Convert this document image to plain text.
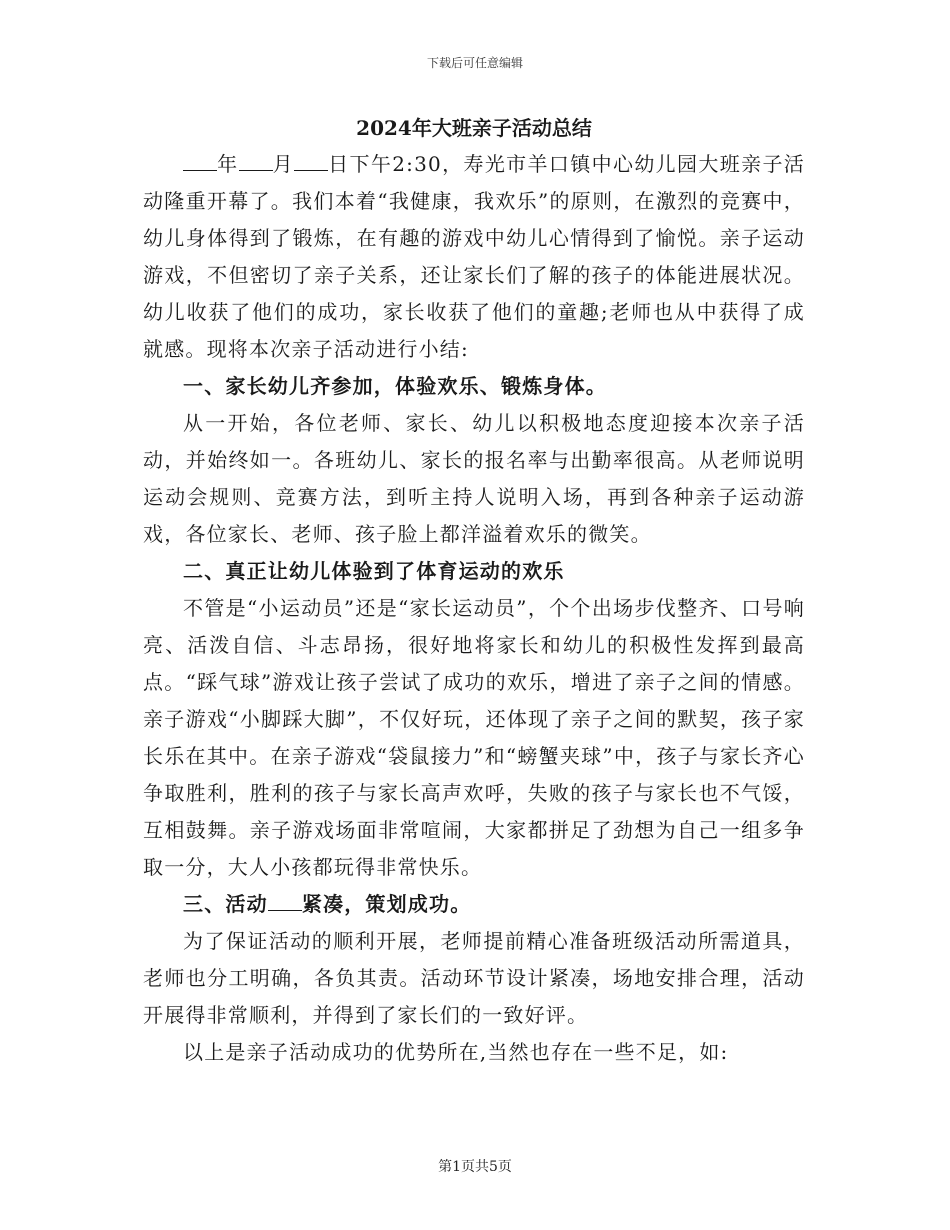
下载后可任意编辑
2024年大班亲子活动总结

年 月 日下午2:30，寿光市羊口镇中心幼儿园大班亲子活动隆重开幕了。我们本着“我健康，我欢乐”的原则，在激烈的竞赛中，幼儿身体得到了锻炼，在有趣的游戏中幼儿心情得到了愉悦。亲子运动游戏，不但密切了亲子关系，还让家长们了解的孩子的体能进展状况。幼儿收获了他们的成功，家长收获了他们的童趣;老师也从中获得了成就感。现将本次亲子活动进行小结:

一、家长幼儿齐参加，体验欢乐、锻炼身体。

从一开始，各位老师、家长、幼儿以积极地态度迎接本次亲子活动，并始终如一。各班幼儿、家长的报名率与出勤率很高。从老师说明运动会规则、竞赛方法，到听主持人说明入场，再到各种亲子运动游戏，各位家长、老师、孩子脸上都洋溢着欢乐的微笑。

二、真正让幼儿体验到了体育运动的欢乐

不管是“小运动员”还是“家长运动员”，个个出场步伐整齐、口号响亮、活泼自信、斗志昂扬，很好地将家长和幼儿的积极性发挥到最高点。“踩气球”游戏让孩子尝试了成功的欢乐，增进了亲子之间的情感。亲子游戏“小脚踩大脚”，不仅好玩，还体现了亲子之间的默契，孩子家长乐在其中。在亲子游戏“袋鼠接力”和“螃蟹夹球”中，孩子与家长齐心争取胜利，胜利的孩子与家长高声欢呼，失败的孩子与家长也不气馁，互相鼓舞。亲子游戏场面非常喧闹，大家都拼足了劲想为自己一组多争取一分，大人小孩都玩得非常快乐。

三、活动 紧凑，策划成功。

为了保证活动的顺利开展，老师提前精心准备班级活动所需道具，老师也分工明确，各负其责。活动环节设计紧凑，场地安排合理，活动开展得非常顺利，并得到了家长们的一致好评。

以上是亲子活动成功的优势所在,当然也存在一些不足，如:

第1页共5页
